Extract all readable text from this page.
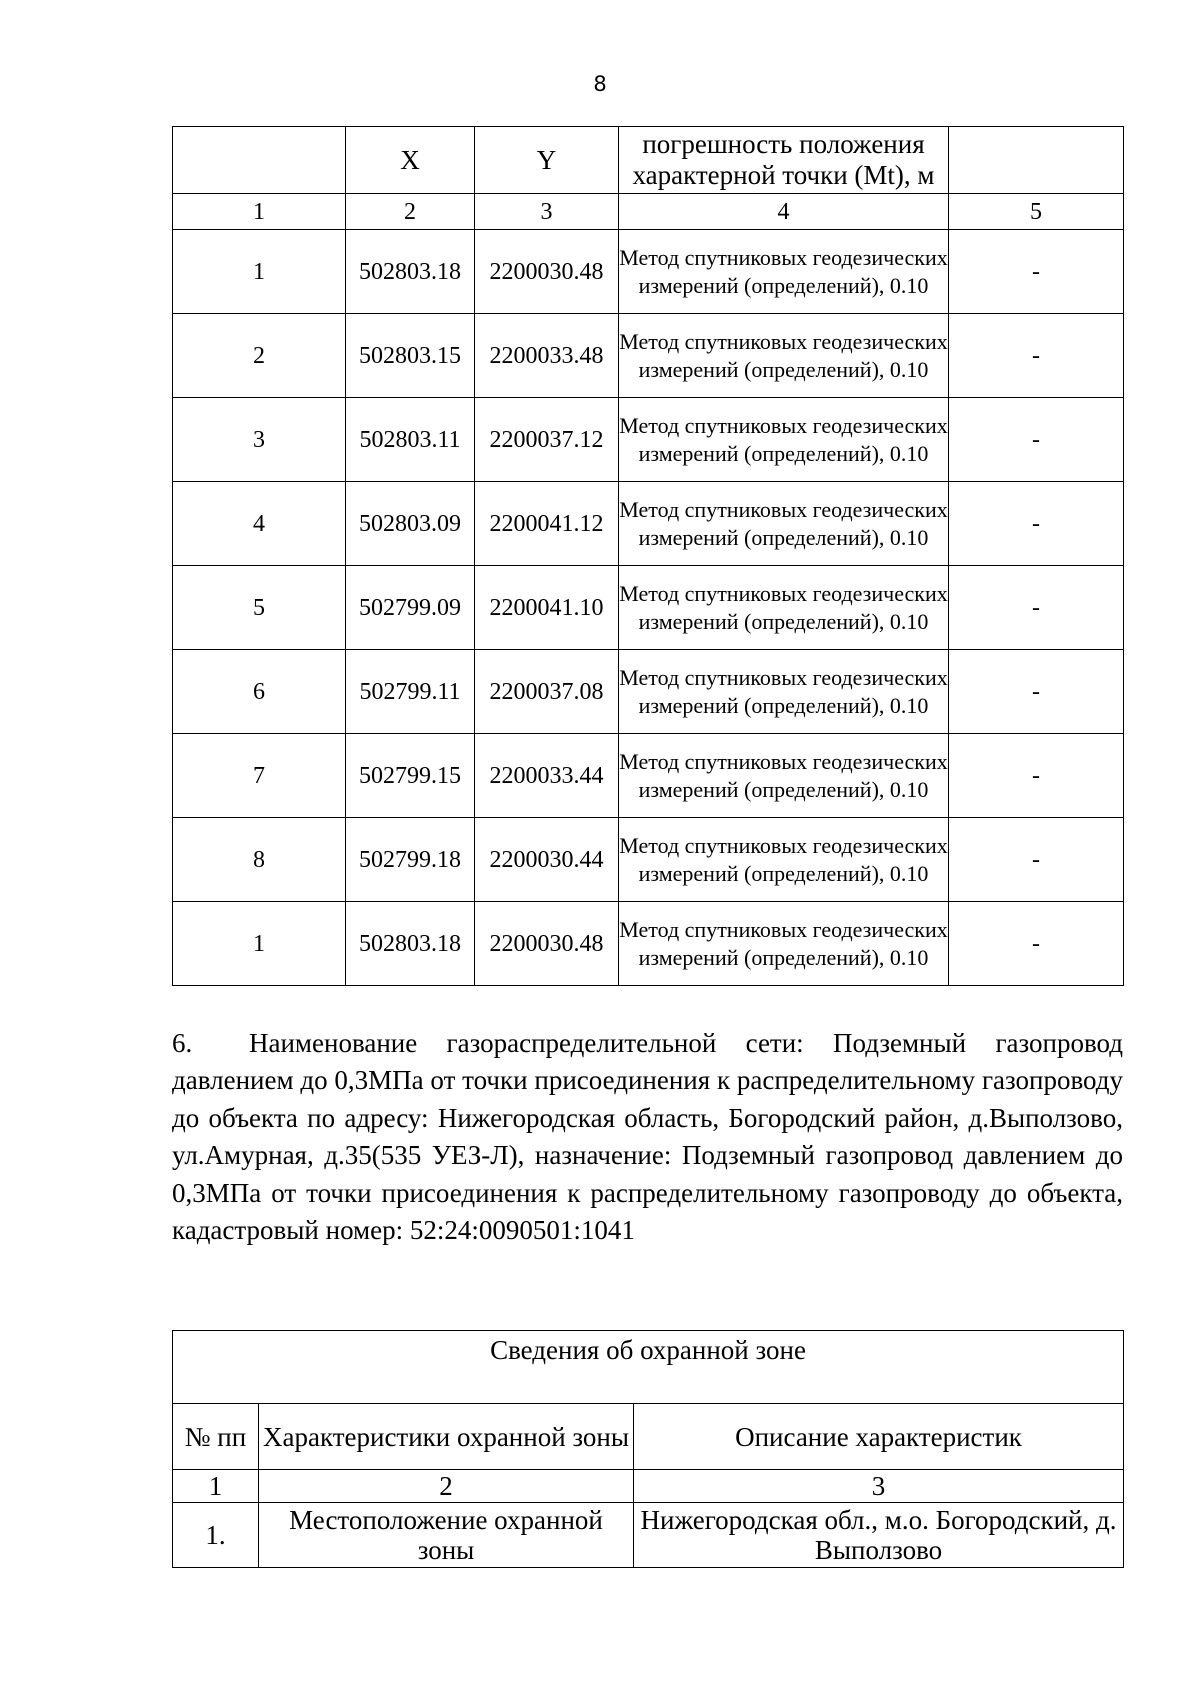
8
	X	Y	погрешность положения характерной точки (Mt), м	
1	2	3	4	5
1	502803.18	2200030.48	Метод спутниковых геодезических измерений (определений), 0.10	-
2	502803.15	2200033.48	Метод спутниковых геодезических измерений (определений), 0.10	-
3	502803.11	2200037.12	Метод спутниковых геодезических измерений (определений), 0.10	-
4	502803.09	2200041.12	Метод спутниковых геодезических измерений (определений), 0.10	-
5	502799.09	2200041.10	Метод спутниковых геодезических измерений (определений), 0.10	-
6	502799.11	2200037.08	Метод спутниковых геодезических измерений (определений), 0.10	-
7	502799.15	2200033.44	Метод спутниковых геодезических измерений (определений), 0.10	-
8	502799.18	2200030.44	Метод спутниковых геодезических измерений (определений), 0.10	-
1	502803.18	2200030.48	Метод спутниковых геодезических измерений (определений), 0.10	-
6. Наименование газораспределительной сети: Подземный газопровод давлением до 0,3МПа от точки присоединения к распределительному газопроводу до объекта по адресу: Нижегородская область, Богородский район, д.Выползово, ул.Амурная, д.35(535 УЕЗ-Л), назначение: Подземный газопровод давлением до 0,3МПа от точки присоединения к распределительному газопроводу до объекта, кадастровый номер: 52:24:0090501:1041
Сведения об охранной зоне		
№ пп	Характеристики охранной зоны	Описание характеристик
1	2	3
1.	Местоположение охранной зоны	Нижегородская обл., м.о. Богородский, д. Выползово
